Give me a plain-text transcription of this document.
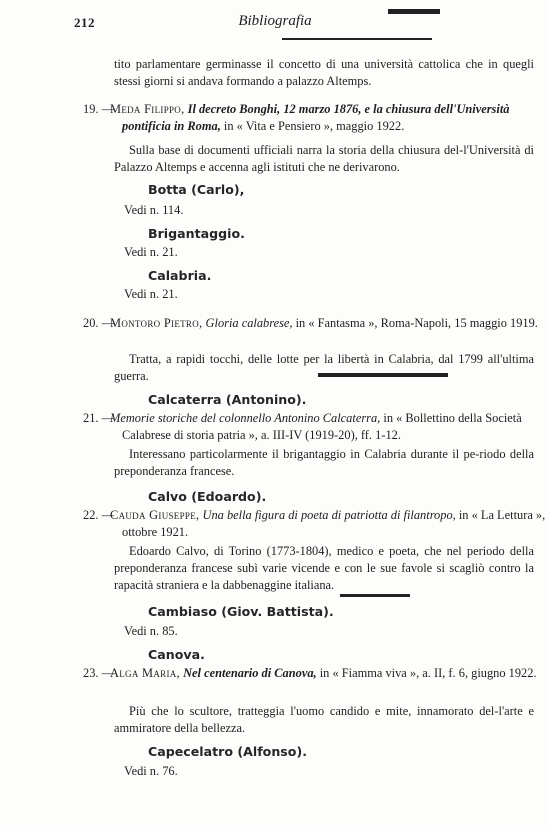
212	Bibliografia
tito parlamentare germinasse il concetto di una università cattolica che in quegli stessi giorni si andava formando a palazzo Altemps.
19. —
Meda Filippo, Il decreto Bonghi, 12 marzo 1876, e la chiusura dell'Università pontificia in Roma, in « Vita e Pensiero », maggio 1922.
Sulla base di documenti ufficiali narra la storia della chiusura del-l'Università di Palazzo Altemps e accenna agli istituti che ne derivarono.
Botta (Carlo),
Vedi n. 114.
Brigantaggio.
Vedi n. 21.
Calabria.
Vedi n. 21.
20. —
Montoro Pietro, Gloria calabrese, in « Fantasma », Roma-Napoli, 15 maggio 1919.
Tratta, a rapidi tocchi, delle lotte per la libertà in Calabria, dal 1799 all'ultima guerra.
Calcaterra (Antonino).
21. —
Memorie storiche del colonnello Antonino Calcaterra, in « Bollettino della Società Calabrese di storia patria », a. III-IV (1919-20), ff. 1-12.
Interessano particolarmente il brigantaggio in Calabria durante il pe-riodo della preponderanza francese.
Calvo (Edoardo).
22. —
Cauda Giuseppe, Una bella figura di poeta di patriotta di filantropo, in « La Lettura », ottobre 1921.
Edoardo Calvo, di Torino (1773-1804), medico e poeta, che nel periodo della preponderanza francese subì varie vicende e con le sue favole si scagliò contro la rapacità straniera e la dabbenaggine italiana.
Cambiaso (Giov. Battista).
Vedi n. 85.
Canova.
23. —
Alga Maria, Nel centenario di Canova, in « Fiamma viva », a. II, f. 6, giugno 1922.
Più che lo scultore, tratteggia l'uomo candido e mite, innamorato del-l'arte e ammiratore della bellezza.
Capecelatro (Alfonso).
Vedi n. 76.
